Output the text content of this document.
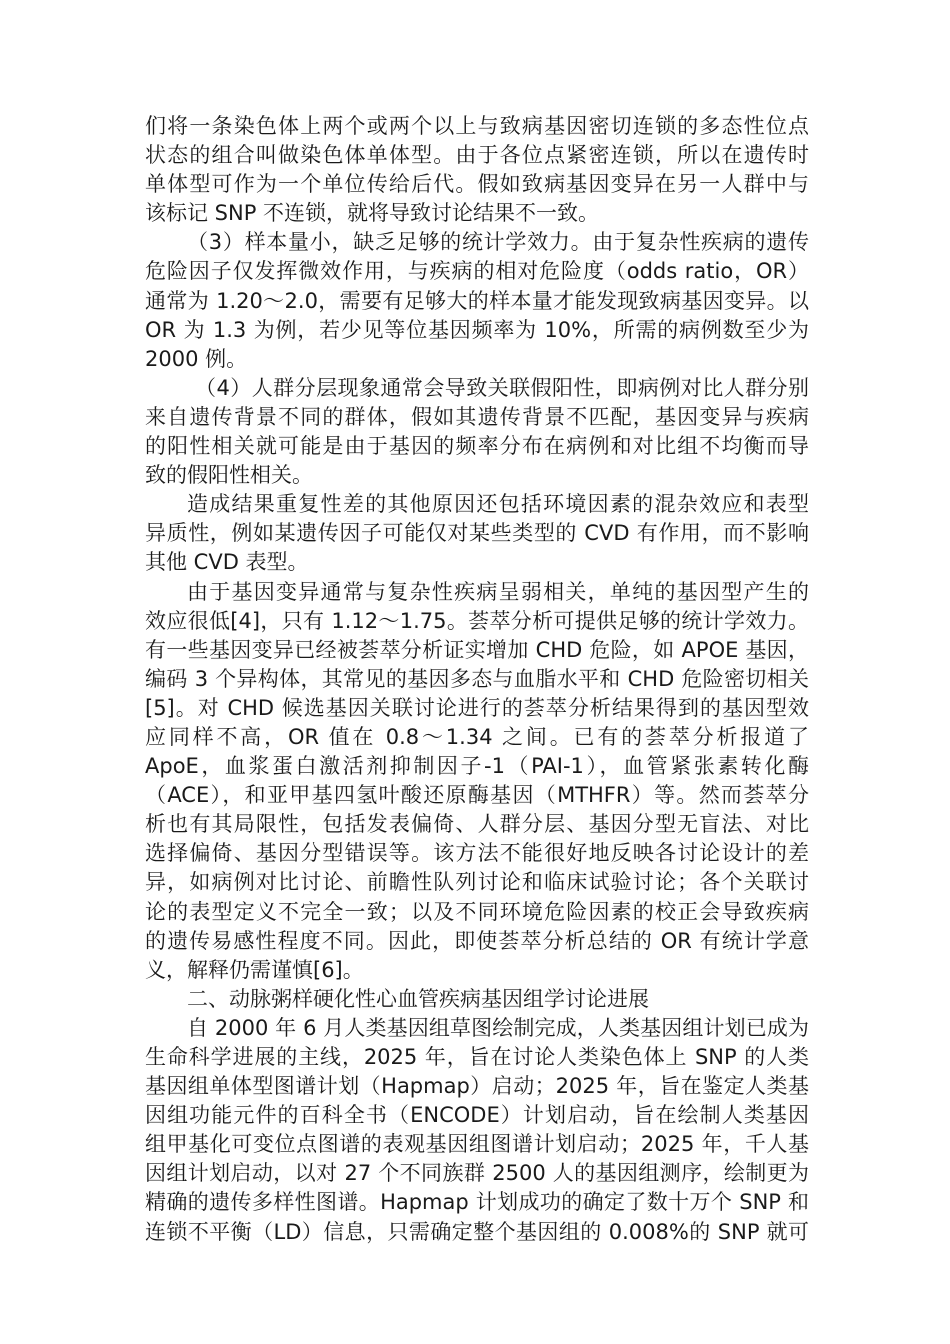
们将一条染色体上两个或两个以上与致病基因密切连锁的多态性位点
状态的组合叫做染色体单体型。由于各位点紧密连锁，所以在遗传时
单体型可作为一个单位传给后代。假如致病基因变异在另一人群中与
该标记 SNP 不连锁，就将导致讨论结果不一致。
（3）样本量小，缺乏足够的统计学效力。由于复杂性疾病的遗传
危险因子仅发挥微效作用，与疾病的相对危险度（odds ratio，OR）
通常为 1.20～2.0，需要有足够大的样本量才能发现致病基因变异。以
OR 为 1.3 为例，若少见等位基因频率为 10%，所需的病例数至少为
2000 例。
（4）人群分层现象通常会导致关联假阳性，即病例对比人群分别
来自遗传背景不同的群体，假如其遗传背景不匹配，基因变异与疾病
的阳性相关就可能是由于基因的频率分布在病例和对比组不均衡而导
致的假阳性相关。
造成结果重复性差的其他原因还包括环境因素的混杂效应和表型
异质性，例如某遗传因子可能仅对某些类型的 CVD 有作用，而不影响
其他 CVD 表型。
由于基因变异通常与复杂性疾病呈弱相关，单纯的基因型产生的
效应很低[4]，只有 1.12～1.75。荟萃分析可提供足够的统计学效力。
有一些基因变异已经被荟萃分析证实增加 CHD 危险，如 APOE 基因，
编码 3 个异构体，其常见的基因多态与血脂水平和 CHD 危险密切相关
[5]。对 CHD 候选基因关联讨论进行的荟萃分析结果得到的基因型效
应同样不高，OR 值在 0.8～1.34 之间。已有的荟萃分析报道了
ApoE，血浆蛋白激活剂抑制因子-1（PAI-1），血管紧张素转化酶
（ACE），和亚甲基四氢叶酸还原酶基因（MTHFR）等。然而荟萃分
析也有其局限性，包括发表偏倚、人群分层、基因分型无盲法、对比
选择偏倚、基因分型错误等。该方法不能很好地反映各讨论设计的差
异，如病例对比讨论、前瞻性队列讨论和临床试验讨论；各个关联讨
论的表型定义不完全一致；以及不同环境危险因素的校正会导致疾病
的遗传易感性程度不同。因此，即使荟萃分析总结的 OR 有统计学意
义，解释仍需谨慎[6]。
二、动脉粥样硬化性心血管疾病基因组学讨论进展
自 2000 年 6 月人类基因组草图绘制完成，人类基因组计划已成为
生命科学进展的主线，2025 年，旨在讨论人类染色体上 SNP 的人类
基因组单体型图谱计划（Hapmap）启动；2025 年，旨在鉴定人类基
因组功能元件的百科全书（ENCODE）计划启动，旨在绘制人类基因
组甲基化可变位点图谱的表观基因组图谱计划启动；2025 年，千人基
因组计划启动，以对 27 个不同族群 2500 人的基因组测序，绘制更为
精确的遗传多样性图谱。Hapmap 计划成功的确定了数十万个 SNP 和
连锁不平衡（LD）信息，只需确定整个基因组的 0.008%的 SNP 就可
